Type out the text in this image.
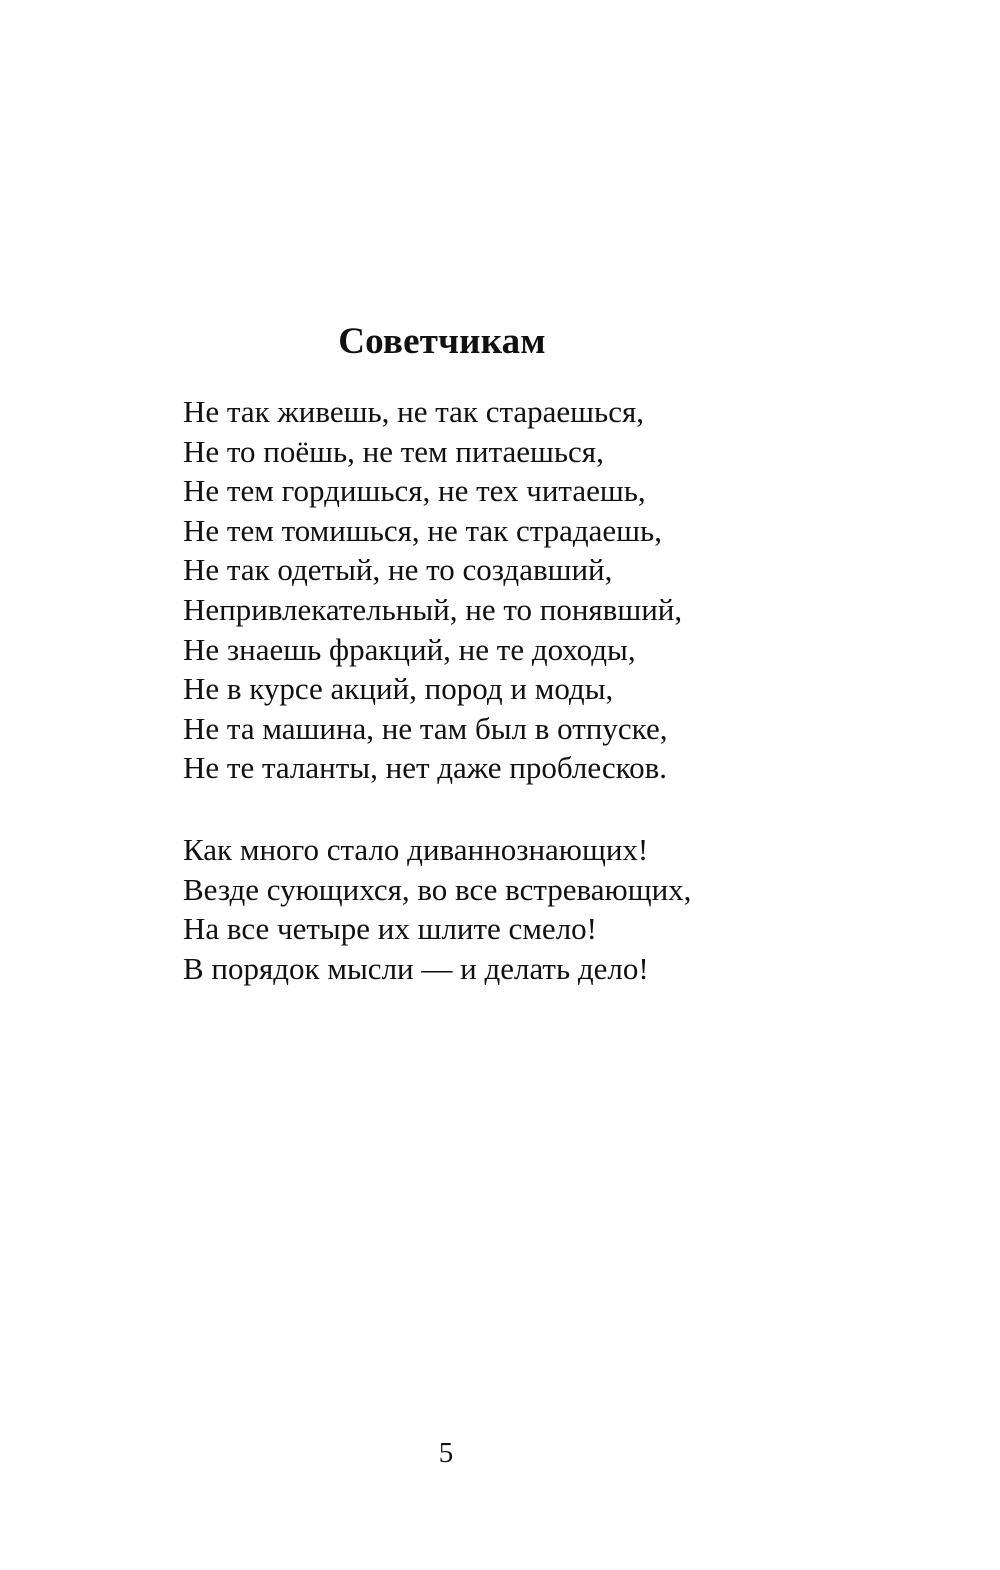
Советчикам
Не так живешь, не так стараешься,
Не то поёшь, не тем питаешься,
Не тем гордишься, не тех читаешь,
Не тем томишься, не так страдаешь,
Не так одетый, не то создавший,
Непривлекательный, не то понявший,
Не знаешь фракций, не те доходы,
Не в курсе акций, пород и моды,
Не та машина, не там был в отпуске,
Не те таланты, нет даже проблесков.
Как много стало диваннознающих!
Везде сующихся, во все встревающих,
На все четыре их шлите смело!
В порядок мысли — и делать дело!
5
